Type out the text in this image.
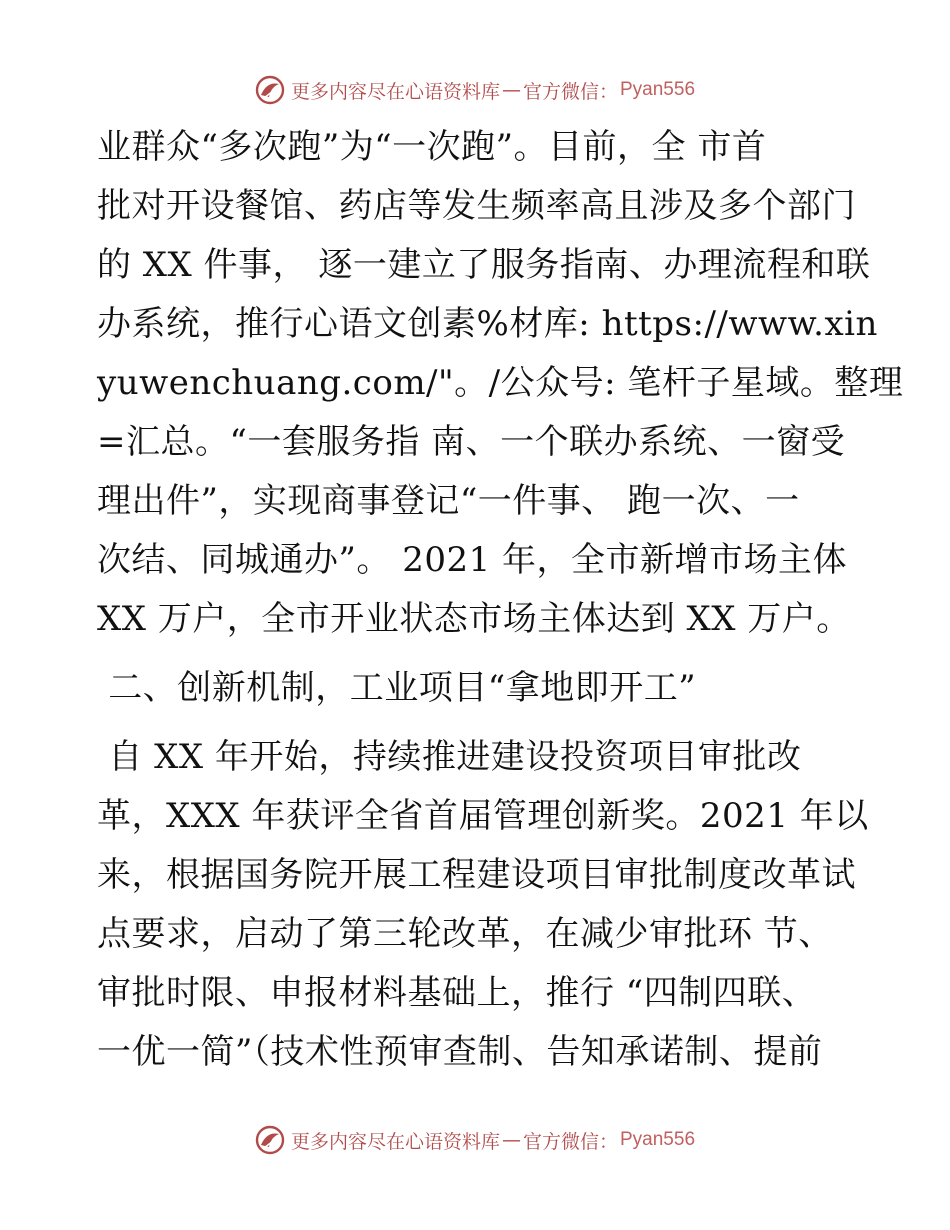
更多内容尽在心语资料库 — 官方微信： Pyan556
业群众“多次跑”为“一次跑”。目前，全 市首
批对开设餐馆、药店等发生频率高且涉及多个部门
的 XX 件事， 逐一建立了服务指南、办理流程和联
办系统，推行心语文创素%材库: https://www.xin
yuwenchuang.com/"。/公众号: 笔杆子星域。整理
=汇总。“一套服务指 南、一个联办系统、一窗受
理出件”，实现商事登记“一件事、 跑一次、一
次结、同城通办”。 2021 年，全市新增市场主体
XX 万户，全市开业状态市场主体达到 XX 万户。
二、创新机制，工业项目“拿地即开工”
自 XX 年开始，持续推进建设投资项目审批改
革，XXX 年获评全省首届管理创新奖。2021 年以
来，根据国务院开展工程建设项目审批制度改革试
点要求，启动了第三轮改革，在减少审批环 节、
审批时限、申报材料基础上，推行 “四制四联、
一优一简”（技术性预审查制、告知承诺制、提前
更多内容尽在心语资料库 — 官方微信： Pyan556
